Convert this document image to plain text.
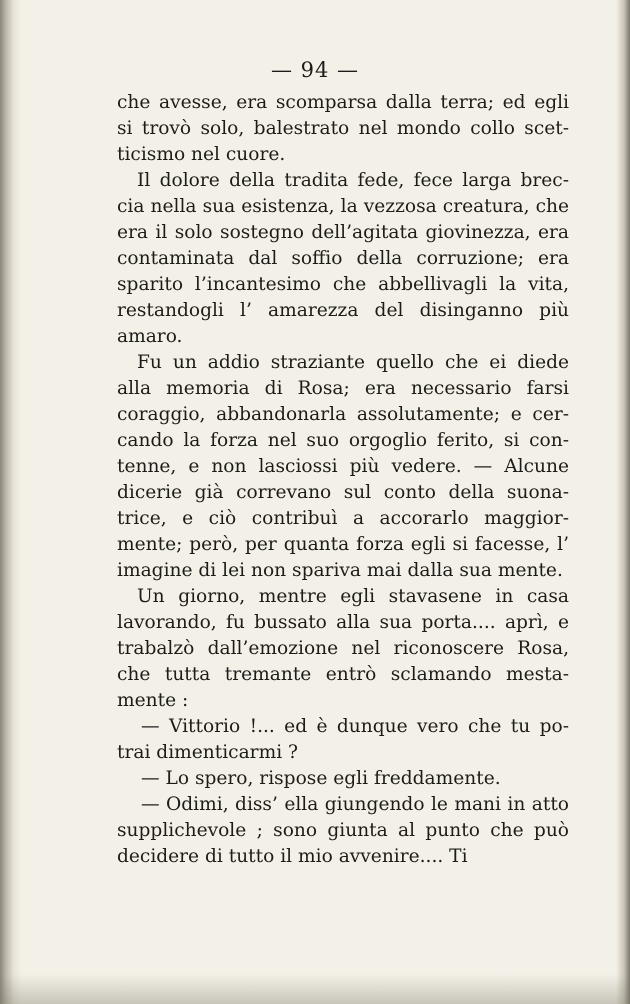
— 94 —

che avesse, era scomparsa dalla terra; ed egli si trovò solo, balestrato nel mondo collo scet- ticismo nel cuore.

Il dolore della tradita fede, fece larga brec- cia nella sua esistenza, la vezzosa creatura, che era il solo sostegno dell’agitata giovinezza, era contaminata dal soffio della corruzione; era sparito l’incantesimo che abbellivagli la vita, restandogli l’ amarezza del disinganno più amaro.

Fu un addio straziante quello che ei diede alla memoria di Rosa; era necessario farsi coraggio, abbandonarla assolutamente; e cer- cando la forza nel suo orgoglio ferito, si con- tenne, e non lasciossi più vedere. — Alcune dicerie già correvano sul conto della suona- trice, e ciò contribuì a accorarlo maggior- mente; però, per quanta forza egli si facesse, l’ imagine di lei non spariva mai dalla sua mente.

Un giorno, mentre egli stavasene in casa lavorando, fu bussato alla sua porta.... aprì, e trabalzò dall’emozione nel riconoscere Rosa, che tutta tremante entrò sclamando mesta- mente :

— Vittorio !... ed è dunque vero che tu po- trai dimenticarmi ?

— Lo spero, rispose egli freddamente.

— Odimi, diss’ ella giungendo le mani in atto supplichevole ; sono giunta al punto che può decidere di tutto il mio avvenire.... Ti
